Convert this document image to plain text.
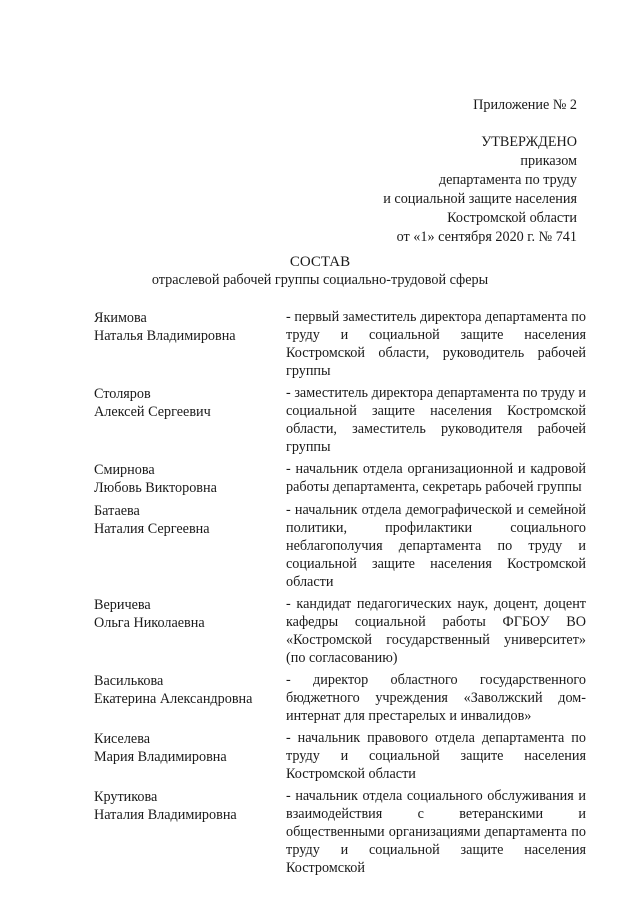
Приложение № 2
УТВЕРЖДЕНО
приказом
департамента по труду
и социальной защите населения
Костромской области
от «1» сентября 2020 г. № 741
СОСТАВ
отраслевой рабочей группы социально-трудовой сферы
Якимова
Наталья Владимировна
- первый заместитель директора департамента по труду и социальной защите населения Костромской области, руководитель рабочей группы
Столяров
Алексей Сергеевич
- заместитель директора департамента по труду и социальной защите населения Костромской области, заместитель руководителя рабочей группы
Смирнова
Любовь Викторовна
- начальник отдела организационной и кадровой работы департамента, секретарь рабочей группы
Батаева
Наталия Сергеевна
- начальник отдела демографической и семейной политики, профилактики социального неблагополучия департамента по труду и социальной защите населения Костромской области
Веричева
Ольга Николаевна
- кандидат педагогических наук, доцент, доцент кафедры социальной работы ФГБОУ ВО «Костромской государственный университет» (по согласованию)
Василькова
Екатерина Александровна
- директор областного государственного бюджетного учреждения «Заволжский дом-интернат для престарелых и инвалидов»
Киселева
Мария Владимировна
- начальник правового отдела департамента по труду и социальной защите населения Костромской области
Крутикова
Наталия Владимировна
- начальник отдела социального обслуживания и взаимодействия с ветеранскими и общественными организациями департамента по труду и социальной защите населения Костромской
